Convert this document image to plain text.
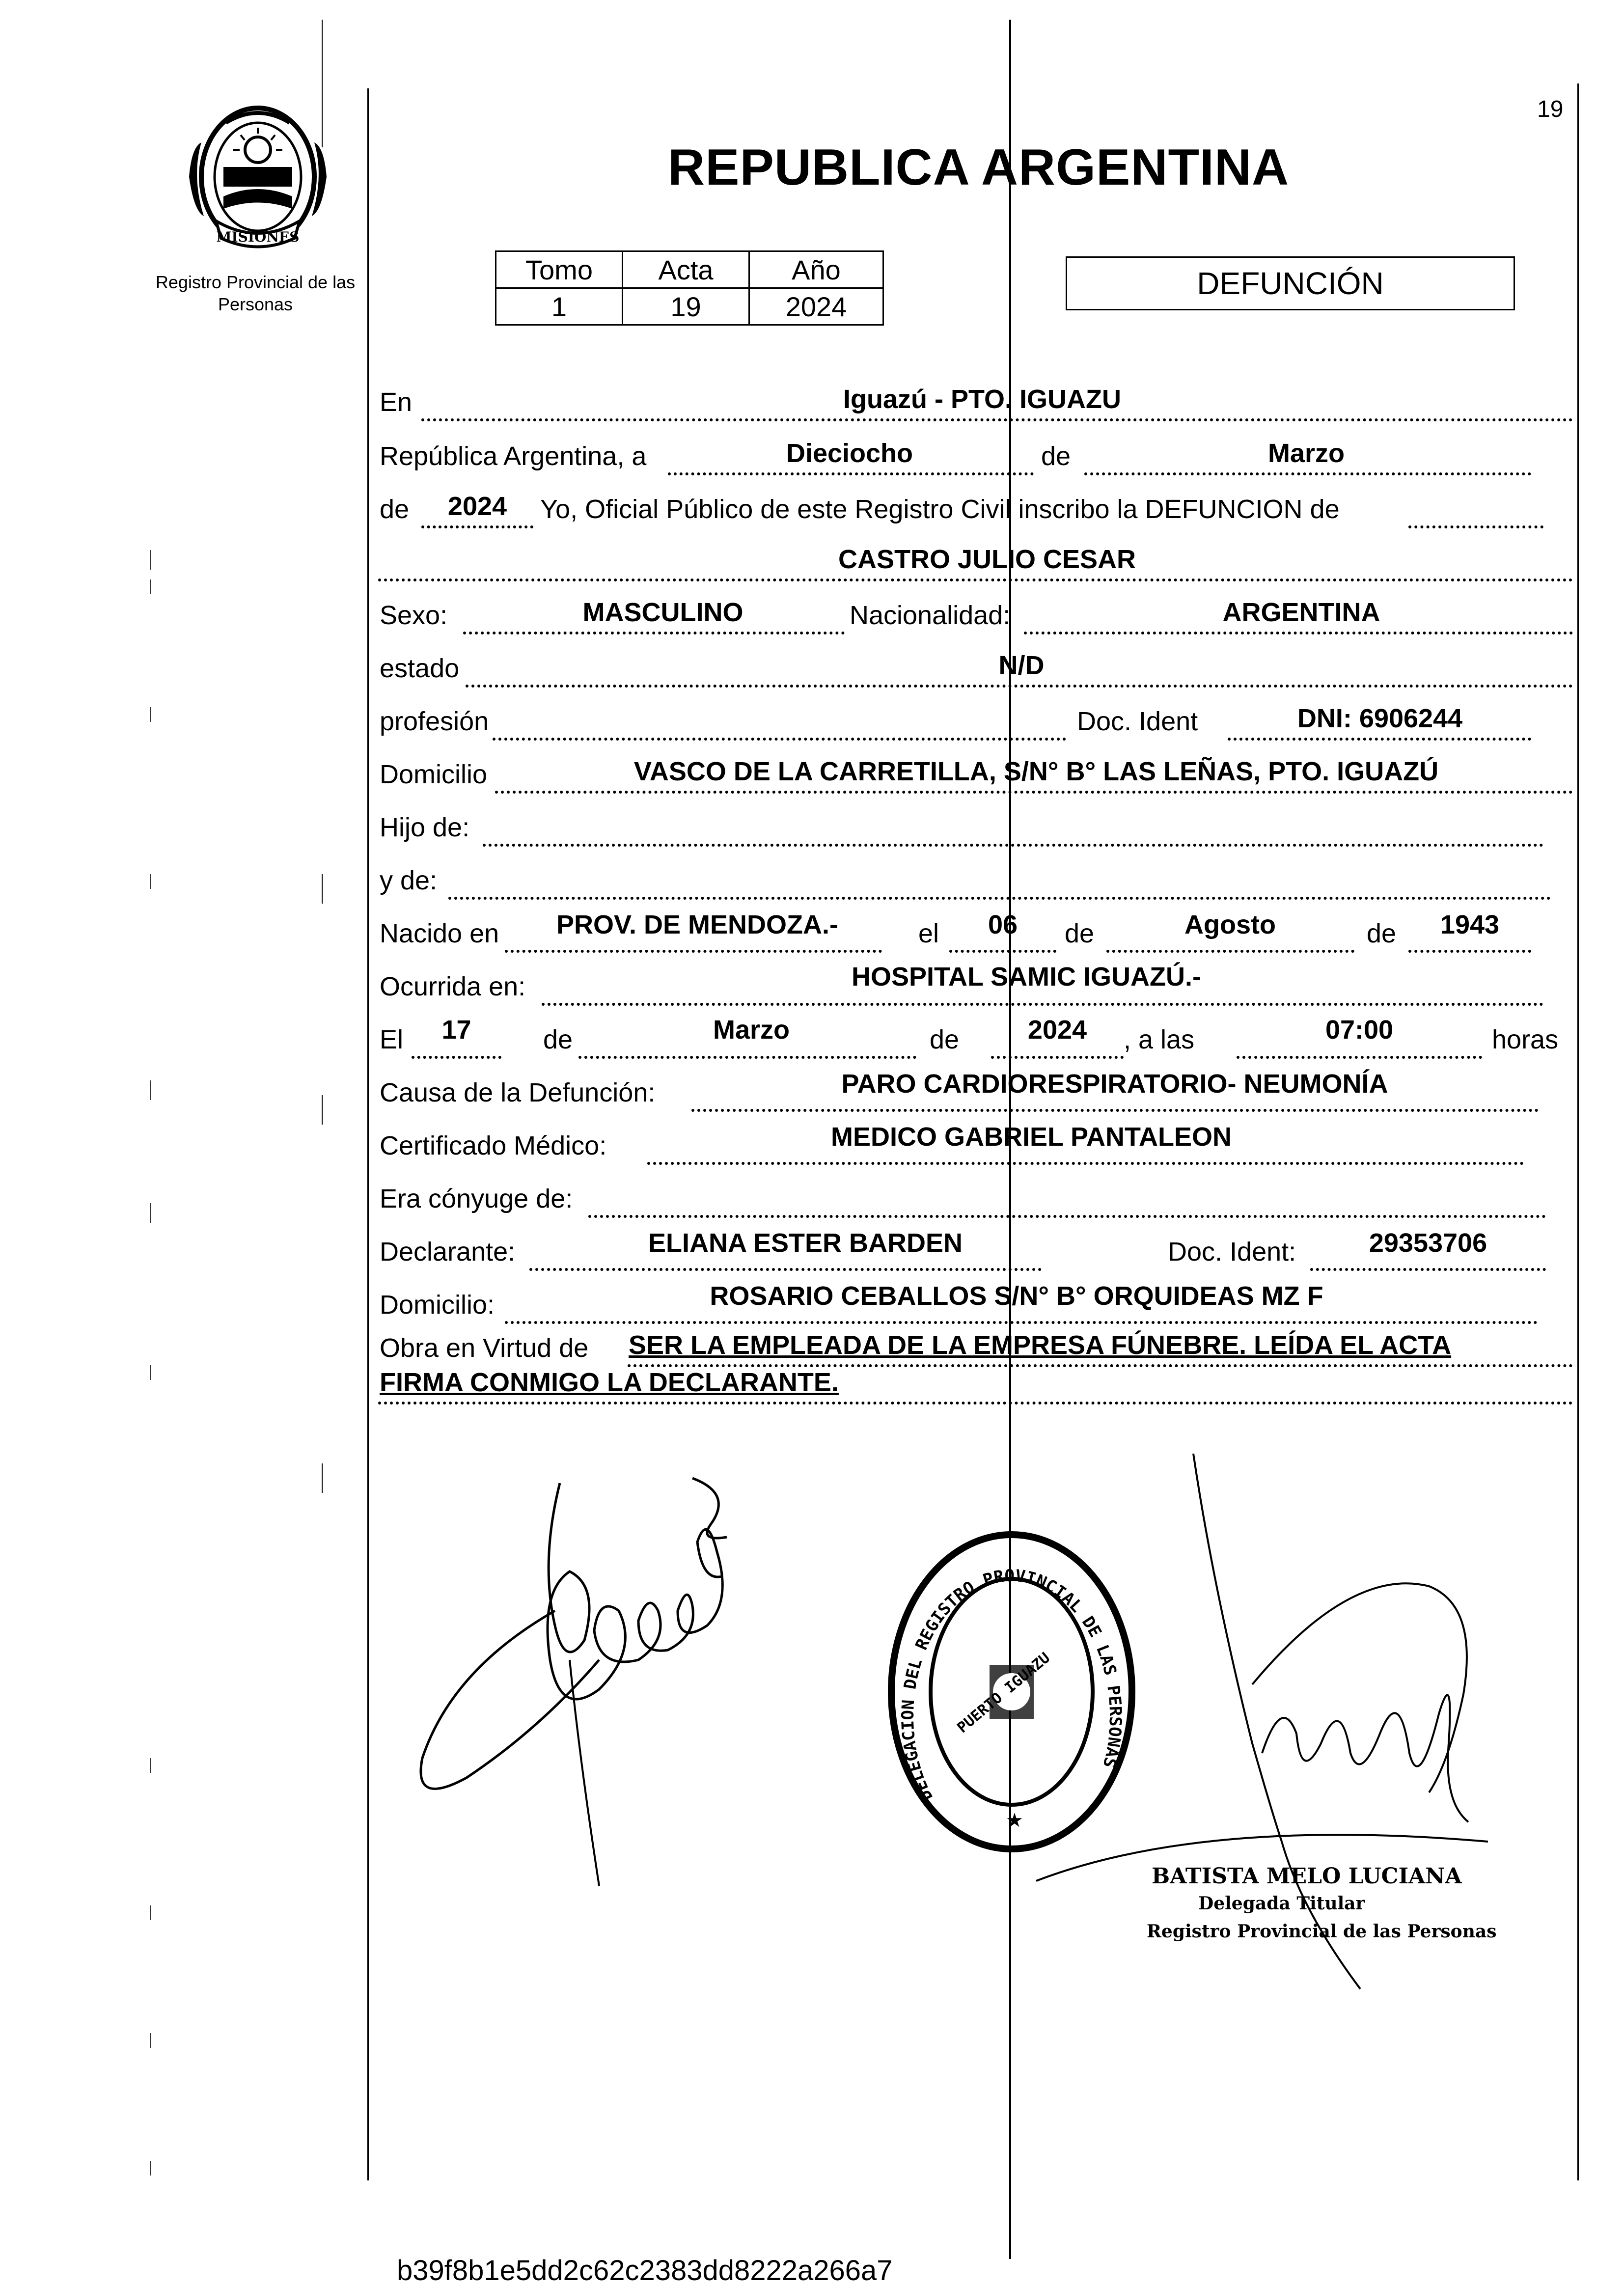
MISIONES
Registro Provincial de las Personas
19
REPUBLICA ARGENTINA
Tomo	Acta	Año
1	19	2024
DEFUNCIÓN
En	Iguazú - PTO. IGUAZU
República Argentina, a	Dieciocho	de	Marzo
de	2024	Yo, Oficial Público de este Registro Civil inscribo la DEFUNCION de
CASTRO JULIO CESAR
Sexo:	MASCULINO	Nacionalidad:	ARGENTINA
estado	N/D
profesión	Doc. Ident	DNI: 6906244
Domicilio	VASCO DE LA CARRETILLA, S/N° B° LAS LEÑAS, PTO. IGUAZÚ
Hijo de:
y de:
Nacido en	PROV. DE MENDOZA.-	el	06	de	Agosto	de	1943
Ocurrida en:	HOSPITAL SAMIC IGUAZÚ.-
El	17	de	Marzo	de	2024	, a las	07:00	horas
Causa de la Defunción:	PARO CARDIORESPIRATORIO- NEUMONÍA
Certificado Médico:	MEDICO GABRIEL PANTALEON
Era cónyuge de:
Declarante:	ELIANA ESTER BARDEN	Doc. Ident:	29353706
Domicilio:	ROSARIO CEBALLOS S/N° B° ORQUIDEAS MZ F
Obra en Virtud de SER LA EMPLEADA DE LA EMPRESA FÚNEBRE. LEÍDA EL ACTA
FIRMA CONMIGO LA DECLARANTE.
DELEGACION DEL REGISTRO PROVINCIAL DE LAS PERSONAS
PUERTO IGUAZU
★
BATISTA MELO LUCIANA
Delegada Titular
Registro Provincial de las Personas
b39f8b1e5dd2c62c2383dd8222a266a7
